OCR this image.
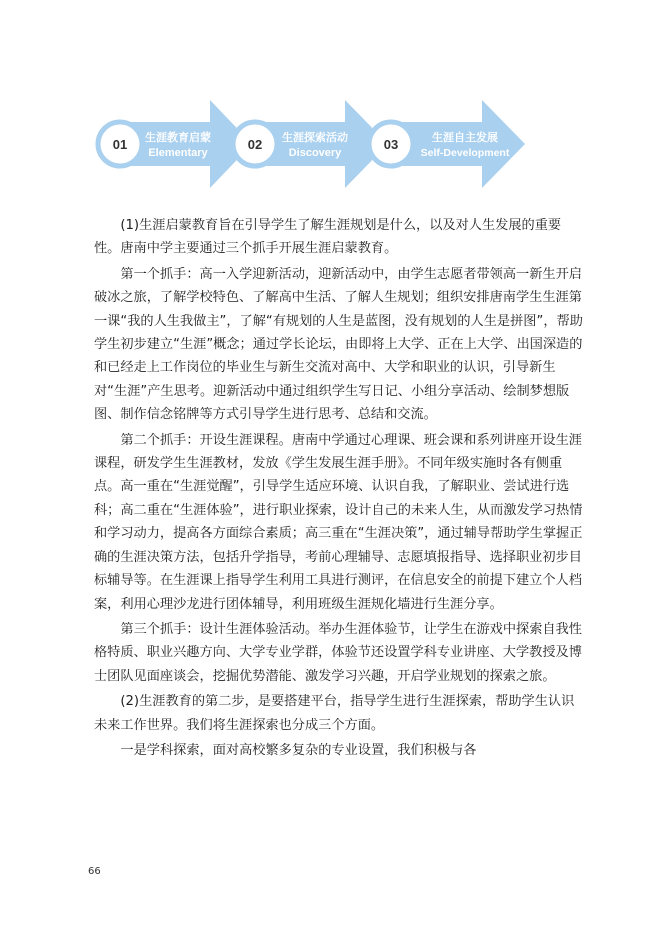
01 生涯教育启蒙
Elementary
02 生涯探索活动
Discovery
03	生涯自主发展
Self-Development

(1)生涯启蒙教育旨在引导学生了解生涯规划是什么，以及对人生发展的重要性。唐南中学主要通过三个抓手开展生涯启蒙教育。

第一个抓手：高一入学迎新活动，迎新活动中，由学生志愿者带领高一新生开启破冰之旅，了解学校特色、了解高中生活、了解人生规划；组织安排唐南学生生涯第一课“我的人生我做主”，了解“有规划的人生是蓝图，没有规划的人生是拼图”，帮助学生初步建立“生涯”概念；通过学长论坛，由即将上大学、正在上大学、出国深造的和已经走上工作岗位的毕业生与新生交流对高中、大学和职业的认识，引导新生对“生涯”产生思考。迎新活动中通过组织学生写日记、小组分享活动、绘制梦想版图、制作信念铭牌等方式引导学生进行思考、总结和交流。

第二个抓手：开设生涯课程。唐南中学通过心理课、班会课和系列讲座开设生涯课程，研发学生生涯教材，发放《学生发展生涯手册》。不同年级实施时各有侧重点。高一重在“生涯觉醒”，引导学生适应环境、认识自我，了解职业、尝试进行选科；高二重在“生涯体验”，进行职业探索，设计自己的未来人生，从而激发学习热情和学习动力，提高各方面综合素质；高三重在“生涯决策”，通过辅导帮助学生掌握正确的生涯决策方法，包括升学指导，考前心理辅导、志愿填报指导、选择职业初步目标辅导等。在生涯课上指导学生利用工具进行测评，在信息安全的前提下建立个人档案，利用心理沙龙进行团体辅导，利用班级生涯规化墙进行生涯分享。

第三个抓手：设计生涯体验活动。举办生涯体验节，让学生在游戏中探索自我性格特质、职业兴趣方向、大学专业学群，体验节还设置学科专业讲座、大学教授及博士团队见面座谈会，挖掘优势潜能、激发学习兴趣，开启学业规划的探索之旅。

(2)生涯教育的第二步，是要搭建平台，指导学生进行生涯探索，帮助学生认识未来工作世界。我们将生涯探索也分成三个方面。

一是学科探索，面对高校繁多复杂的专业设置，我们积极与各

66
